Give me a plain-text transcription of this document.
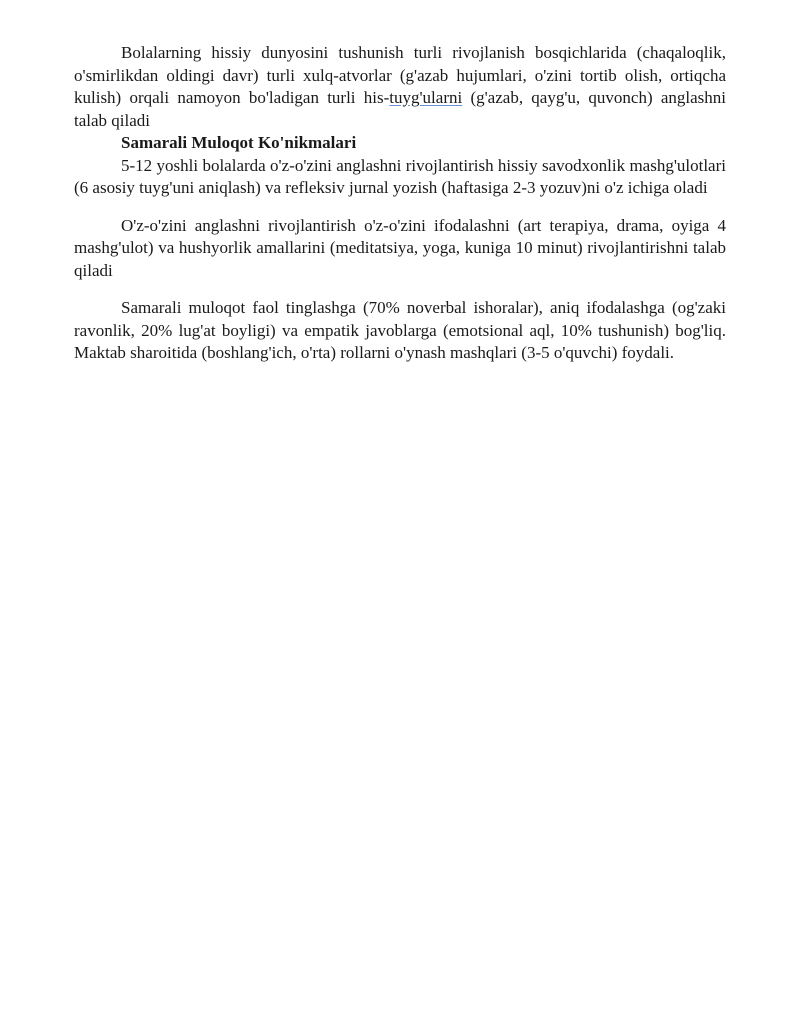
Bolalarning hissiy dunyosini tushunish turli rivojlanish bosqichlarida (chaqaloqlik, o'smirlikdan oldingi davr) turli xulq-atvorlar (g'azab hujumlari, o'zini tortib olish, ortiqcha kulish) orqali namoyon bo'ladigan turli his-tuyg'ularni (g'azab, qayg'u, quvonch) anglashni talab qiladi

Samarali Muloqot Ko'nikmalari

5-12 yoshli bolalarda o'z-o'zini anglashni rivojlantirish hissiy savodxonlik mashg'ulotlari (6 asosiy tuyg'uni aniqlash) va refleksiv jurnal yozish (haftasiga 2-3 yozuv)ni o'z ichiga oladi

O'z-o'zini anglashni rivojlantirish o'z-o'zini ifodalashni (art terapiya, drama, oyiga 4 mashg'ulot) va hushyorlik amallarini (meditatsiya, yoga, kuniga 10 minut) rivojlantirishni talab qiladi

Samarali muloqot faol tinglashga (70% noverbal ishoralar), aniq ifodalashga (og'zaki ravonlik, 20% lug'at boyligi) va empatik javoblarga (emotsional aql, 10% tushunish) bog'liq. Maktab sharoitida (boshlang'ich, o'rta) rollarni o'ynash mashqlari (3-5 o'quvchi) foydali.
